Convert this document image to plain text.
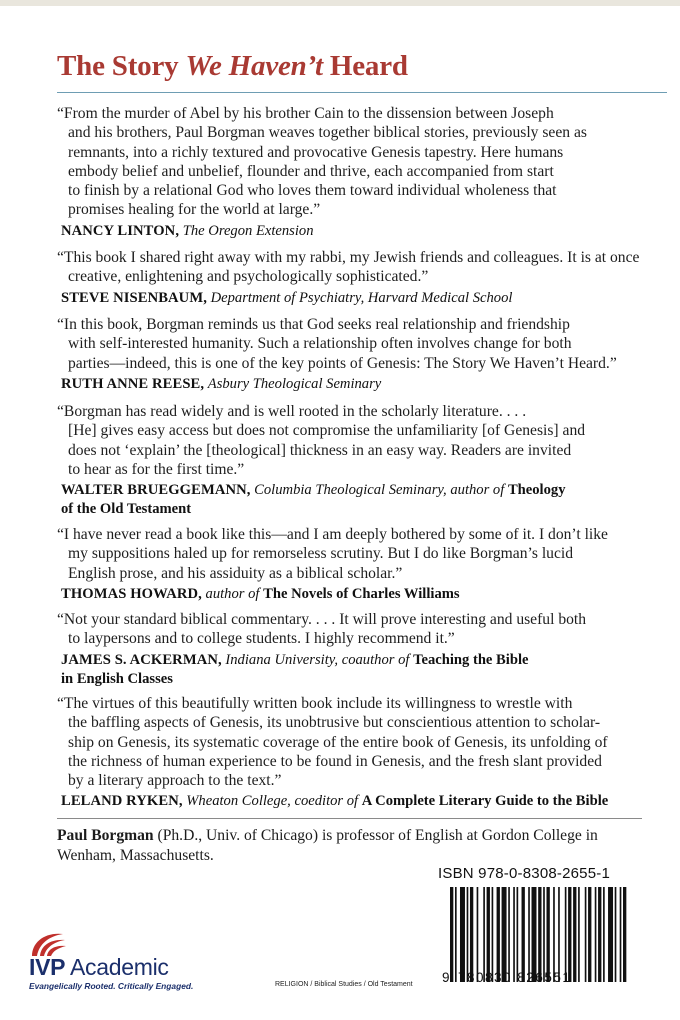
The Story We Haven’t Heard
“From the murder of Abel by his brother Cain to the dissension between Joseph
and his brothers, Paul Borgman weaves together biblical stories, previously seen as
remnants, into a richly textured and provocative Genesis tapestry. Here humans
embody belief and unbelief, flounder and thrive, each accompanied from start
to finish by a relational God who loves them toward individual wholeness that
promises healing for the world at large.”
NANCY LINTON, The Oregon Extension
“This book I shared right away with my rabbi, my Jewish friends and colleagues. It is at once
creative, enlightening and psychologically sophisticated.”
STEVE NISENBAUM, Department of Psychiatry, Harvard Medical School
“In this book, Borgman reminds us that God seeks real relationship and friendship
with self-interested humanity. Such a relationship often involves change for both
parties—indeed, this is one of the key points of Genesis: The Story We Haven’t Heard.”
RUTH ANNE REESE, Asbury Theological Seminary
“Borgman has read widely and is well rooted in the scholarly literature. . . .
[He] gives easy access but does not compromise the unfamiliarity [of Genesis] and
does not ‘explain’ the [theological] thickness in an easy way. Readers are invited
to hear as for the first time.”
WALTER BRUEGGEMANN, Columbia Theological Seminary, author of Theology
of the Old Testament
“I have never read a book like this—and I am deeply bothered by some of it. I don’t like
my suppositions haled up for remorseless scrutiny. But I do like Borgman’s lucid
English prose, and his assiduity as a biblical scholar.”
THOMAS HOWARD, author of The Novels of Charles Williams
“Not your standard biblical commentary. . . . It will prove interesting and useful both
to laypersons and to college students. I highly recommend it.”
JAMES S. ACKERMAN, Indiana University, coauthor of Teaching the Bible
in English Classes
“The virtues of this beautifully written book include its willingness to wrestle with
the baffling aspects of Genesis, its unobtrusive but conscientious attention to scholar-
ship on Genesis, its systematic coverage of the entire book of Genesis, its unfolding of
the richness of human experience to be found in Genesis, and the fresh slant provided
by a literary approach to the text.”
LELAND RYKEN, Wheaton College, coeditor of A Complete Literary Guide to the Bible
Paul Borgman (Ph.D., Univ. of Chicago) is professor of English at Gordon College in
Wenham, Massachusetts.
ISBN 978-0-8308-2655-1
9 780830 826551
IVP Academic
Evangelically Rooted. Critically Engaged.	RELIGION / Biblical Studies / Old Testament
